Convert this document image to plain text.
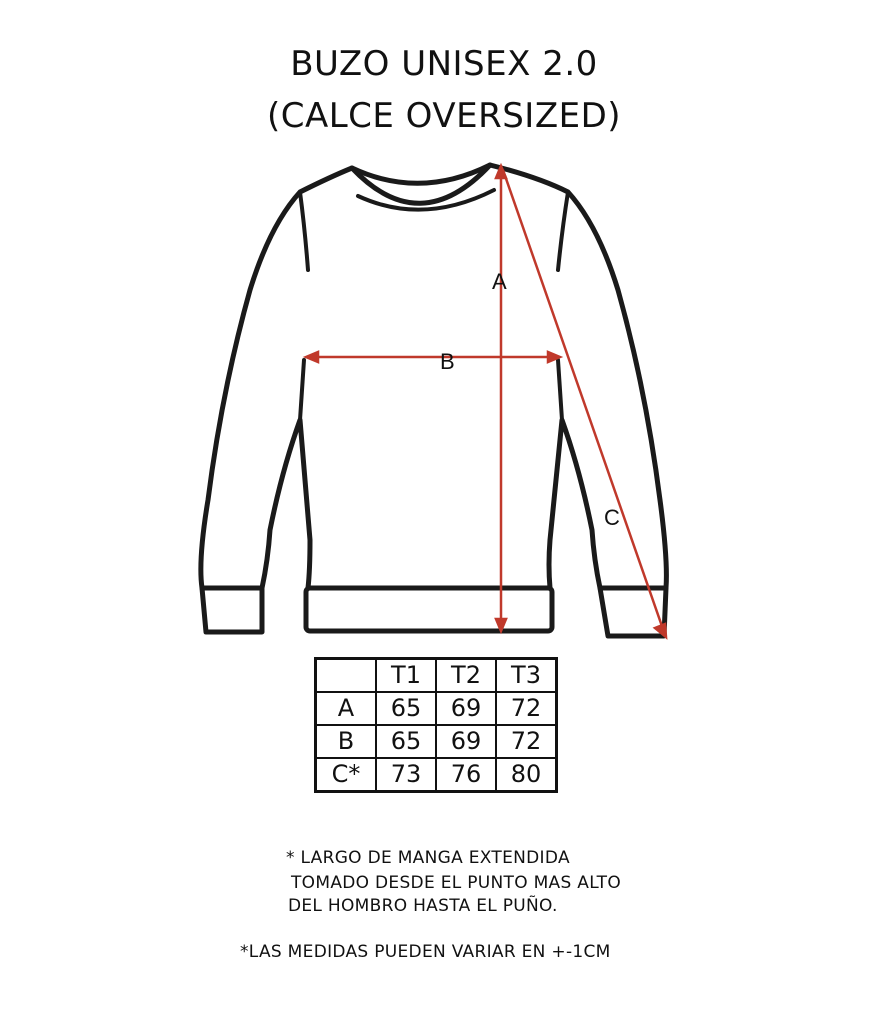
BUZO UNISEX 2.0
(CALCE OVERSIZED)
A
B
C
	T1	T2	T3
A	65	69	72
B	65	69	72
C*	73	76	80
* LARGO DE MANGA EXTENDIDA
TOMADO DESDE EL PUNTO MAS ALTO
DEL HOMBRO HASTA EL PUÑO.
*LAS MEDIDAS PUEDEN VARIAR EN +-1CM
